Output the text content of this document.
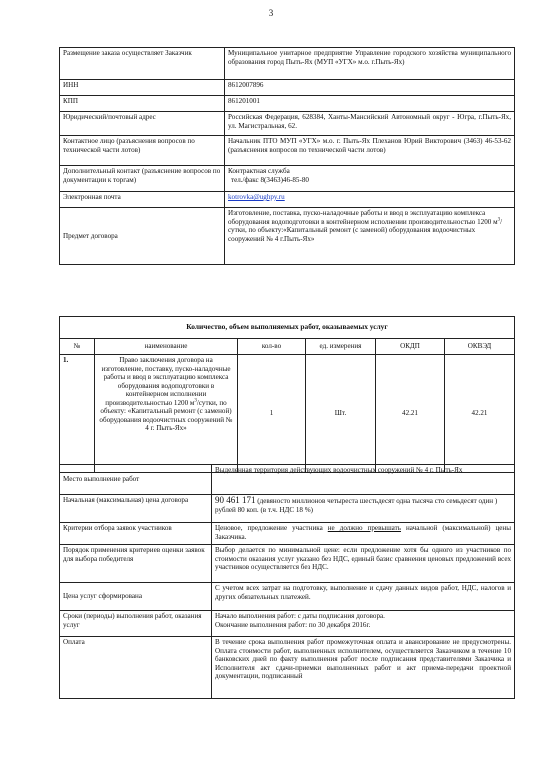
3
Размещение заказа осуществляет Заказчик	Муниципальное унитарное предприятие Управление городского хозяйства муниципального образования город Пыть-Ях (МУП «УГХ» м.о. г.Пыть-Ях)
ИНН	8612007896
КПП	861201001
Юридический/почтовый адрес	Российская Федерация, 628384, Ханты-Мансийский Автономный округ - Югра, г.Пыть-Ях, ул. Магистральная, 62.
Контактное лицо (разъяснения вопросов по технической части лотов)	Начальник ПТО МУП «УГХ» м.о. г. Пыть-Ях Плеханов Юрий Викторович (3463) 46-53-62 (разъяснения вопросов по технической части лотов)
Дополнительный контакт (разъяснение вопросов по документации к торгам)	Контрактная служба
тел./факс 8(3463)46-85-80

Электронная почта	kotrovka@ughpy.ru
Предмет договора	Изготовление, поставка, пуско-наладочные работы и ввод в эксплуатацию комплекса оборудования водоподготовки в контейнерном исполнении производительностью 1200 $м^3$/сутки, по объекту:«Капитальный ремонт (с заменой) оборудования водоочистных сооружений № 4 г.Пыть-Ях»
Количество, объем выполняемых работ, оказываемых услуг					
№	наименование	кол-во	ед. измерения	ОКДП	ОКВЭД
1.	Право заключения договора на изготовление, поставку, пуско-наладочные работы и ввод в эксплуатацию комплекса оборудования водоподготовки в контейнерном исполнении производительностью 1200 $м^3$/сутки, по объекту: «Капитальный ремонт (с заменой) оборудования водоочистных сооружений № 4 г. Пыть-Ях»	1	Шт.	42.21	42.21
Место выполнение работ	Выделенная территория действующих водоочистных сооружений № 4 г. Пыть-Ях
Начальная (максимальная) цена договора	90 461 171 (девяносто миллионов четыреста шестьдесят одна тысяча сто семьдесят один ) рублей 80 коп. (в т.ч. НДС 18 %)
Критерии отбора заявок участников	Ценовое, предложение участника не должно превышать начальной (максимальной) цены Заказчика.
Порядок применения критериев оценки заявок для выбора победителя	Выбор делается по минимальной цене: если предложение хотя бы одного из участников по стоимости оказания услуг указано без НДС, единый базис сравнения ценовых предложений всех участников осуществляется без НДС.
Цена услуг сформирована	С учетом всех затрат на подготовку, выполнение и сдачу данных видов работ, НДС, налогов и других обязательных платежей.
Сроки (периоды) выполнения работ, оказания услуг	Начало выполнения работ: с даты подписания договора.
Окончание выполнения работ: по 30 декабря 2016г.

Оплата	В течение срока выполнения работ промежуточная оплата и авансирование не предусмотрены. Оплата стоимости работ, выполненных исполнителем, осуществляется Заказчиком в течение 10 банковских дней по факту выполнения работ после подписания представителями Заказчика и Исполнителя акт сдачи-приемки выполненных работ и акт приема-передачи проектной документации, подписанный
